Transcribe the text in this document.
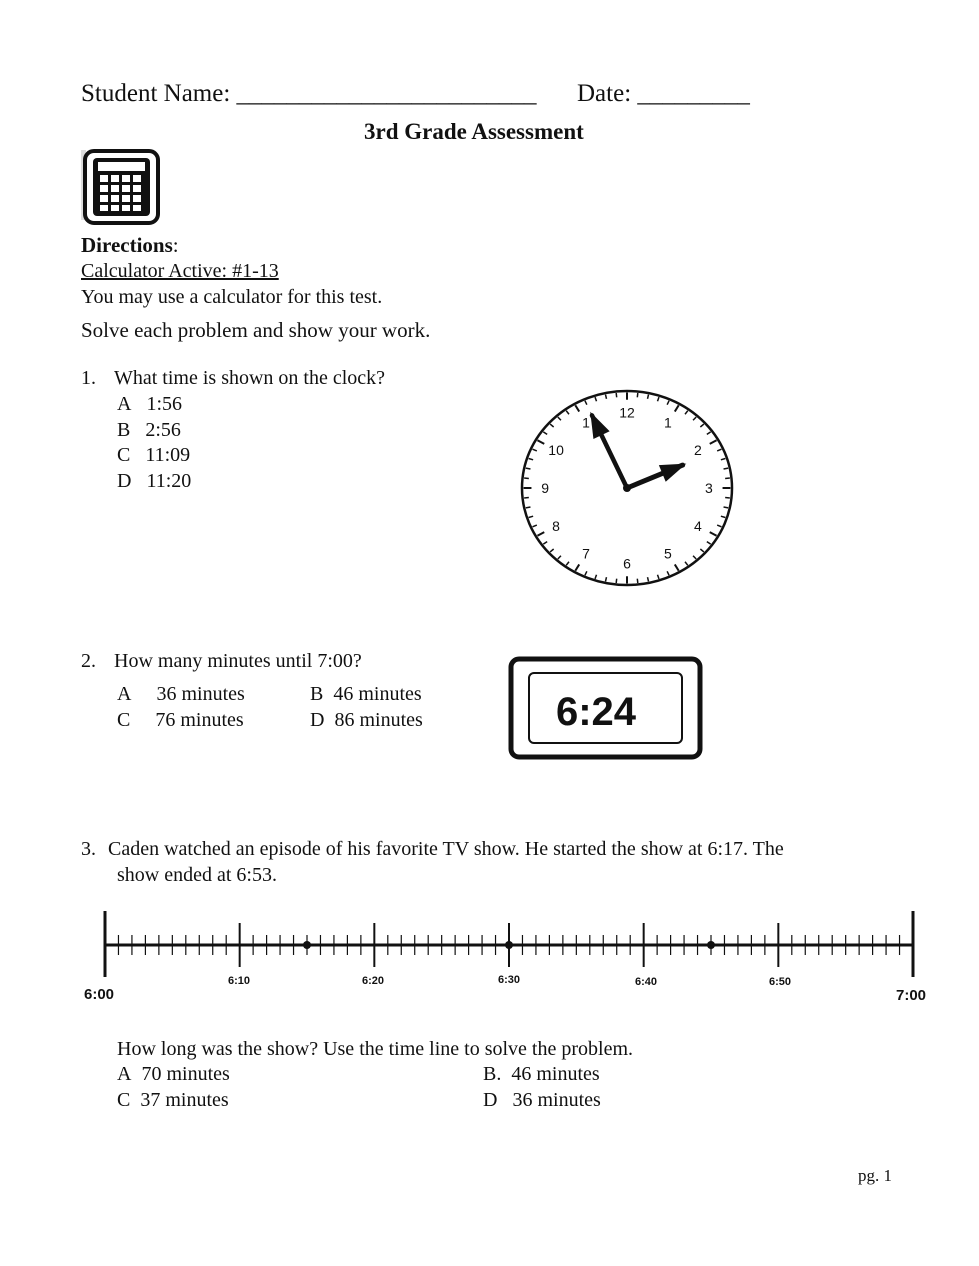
Student Name: ________________________ Date: _________
3rd Grade Assessment
Directions:
Calculator Active: #1-13
You may use a calculator for this test.
Solve each problem and show your work.
1. What time is shown on the clock?
A 1:56
B 2:56
C 11:09
D 11:20
12
1
2
3
4
5
6
7
8
9
10
1
2. How many minutes until 7:00?
A 36 minutes	B 46 minutes
C 76 minutes	D 86 minutes	6:24
3. Caden watched an episode of his favorite TV show. He started the show at 6:17. The
show ended at 6:53.
6:00	7:00
6:10	6:20	6:30	6:40	6:50
How long was the show? Use the time line to solve the problem.
A 70 minutes	B. 46 minutes
C 37 minutes	D 36 minutes
pg. 1
